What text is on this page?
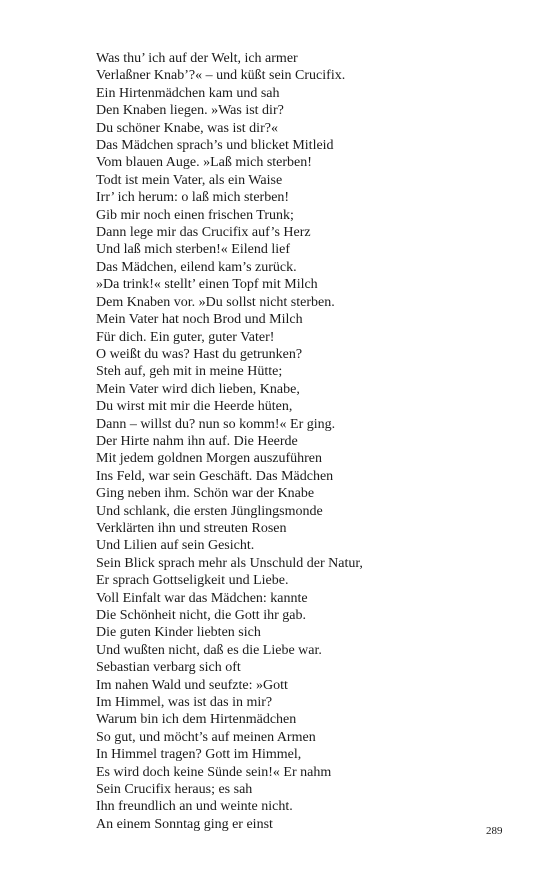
Was thu’ ich auf der Welt, ich armer
Verlaßner Knab’?« – und küßt sein Crucifix.
Ein Hirtenmädchen kam und sah
Den Knaben liegen. »Was ist dir?
Du schöner Knabe, was ist dir?«
Das Mädchen sprach’s und blicket Mitleid
Vom blauen Auge. »Laß mich sterben!
Todt ist mein Vater, als ein Waise
Irr’ ich herum: o laß mich sterben!
Gib mir noch einen frischen Trunk;
Dann lege mir das Crucifix auf’s Herz
Und laß mich sterben!« Eilend lief
Das Mädchen, eilend kam’s zurück.
»Da trink!« stellt’ einen Topf mit Milch
Dem Knaben vor. »Du sollst nicht sterben.
Mein Vater hat noch Brod und Milch
Für dich. Ein guter, guter Vater!
O weißt du was? Hast du getrunken?
Steh auf, geh mit in meine Hütte;
Mein Vater wird dich lieben, Knabe,
Du wirst mit mir die Heerde hüten,
Dann – willst du? nun so komm!« Er ging.
Der Hirte nahm ihn auf. Die Heerde
Mit jedem goldnen Morgen auszuführen
Ins Feld, war sein Geschäft. Das Mädchen
Ging neben ihm. Schön war der Knabe
Und schlank, die ersten Jünglingsmonde
Verklärten ihn und streuten Rosen
Und Lilien auf sein Gesicht.
Sein Blick sprach mehr als Unschuld der Natur,
Er sprach Gottseligkeit und Liebe.
Voll Einfalt war das Mädchen: kannte
Die Schönheit nicht, die Gott ihr gab.
Die guten Kinder liebten sich
Und wußten nicht, daß es die Liebe war.
Sebastian verbarg sich oft
Im nahen Wald und seufzte: »Gott
Im Himmel, was ist das in mir?
Warum bin ich dem Hirtenmädchen
So gut, und möcht’s auf meinen Armen
In Himmel tragen? Gott im Himmel,
Es wird doch keine Sünde sein!« Er nahm
Sein Crucifix heraus; es sah
Ihn freundlich an und weinte nicht.
An einem Sonntag ging er einst	289
